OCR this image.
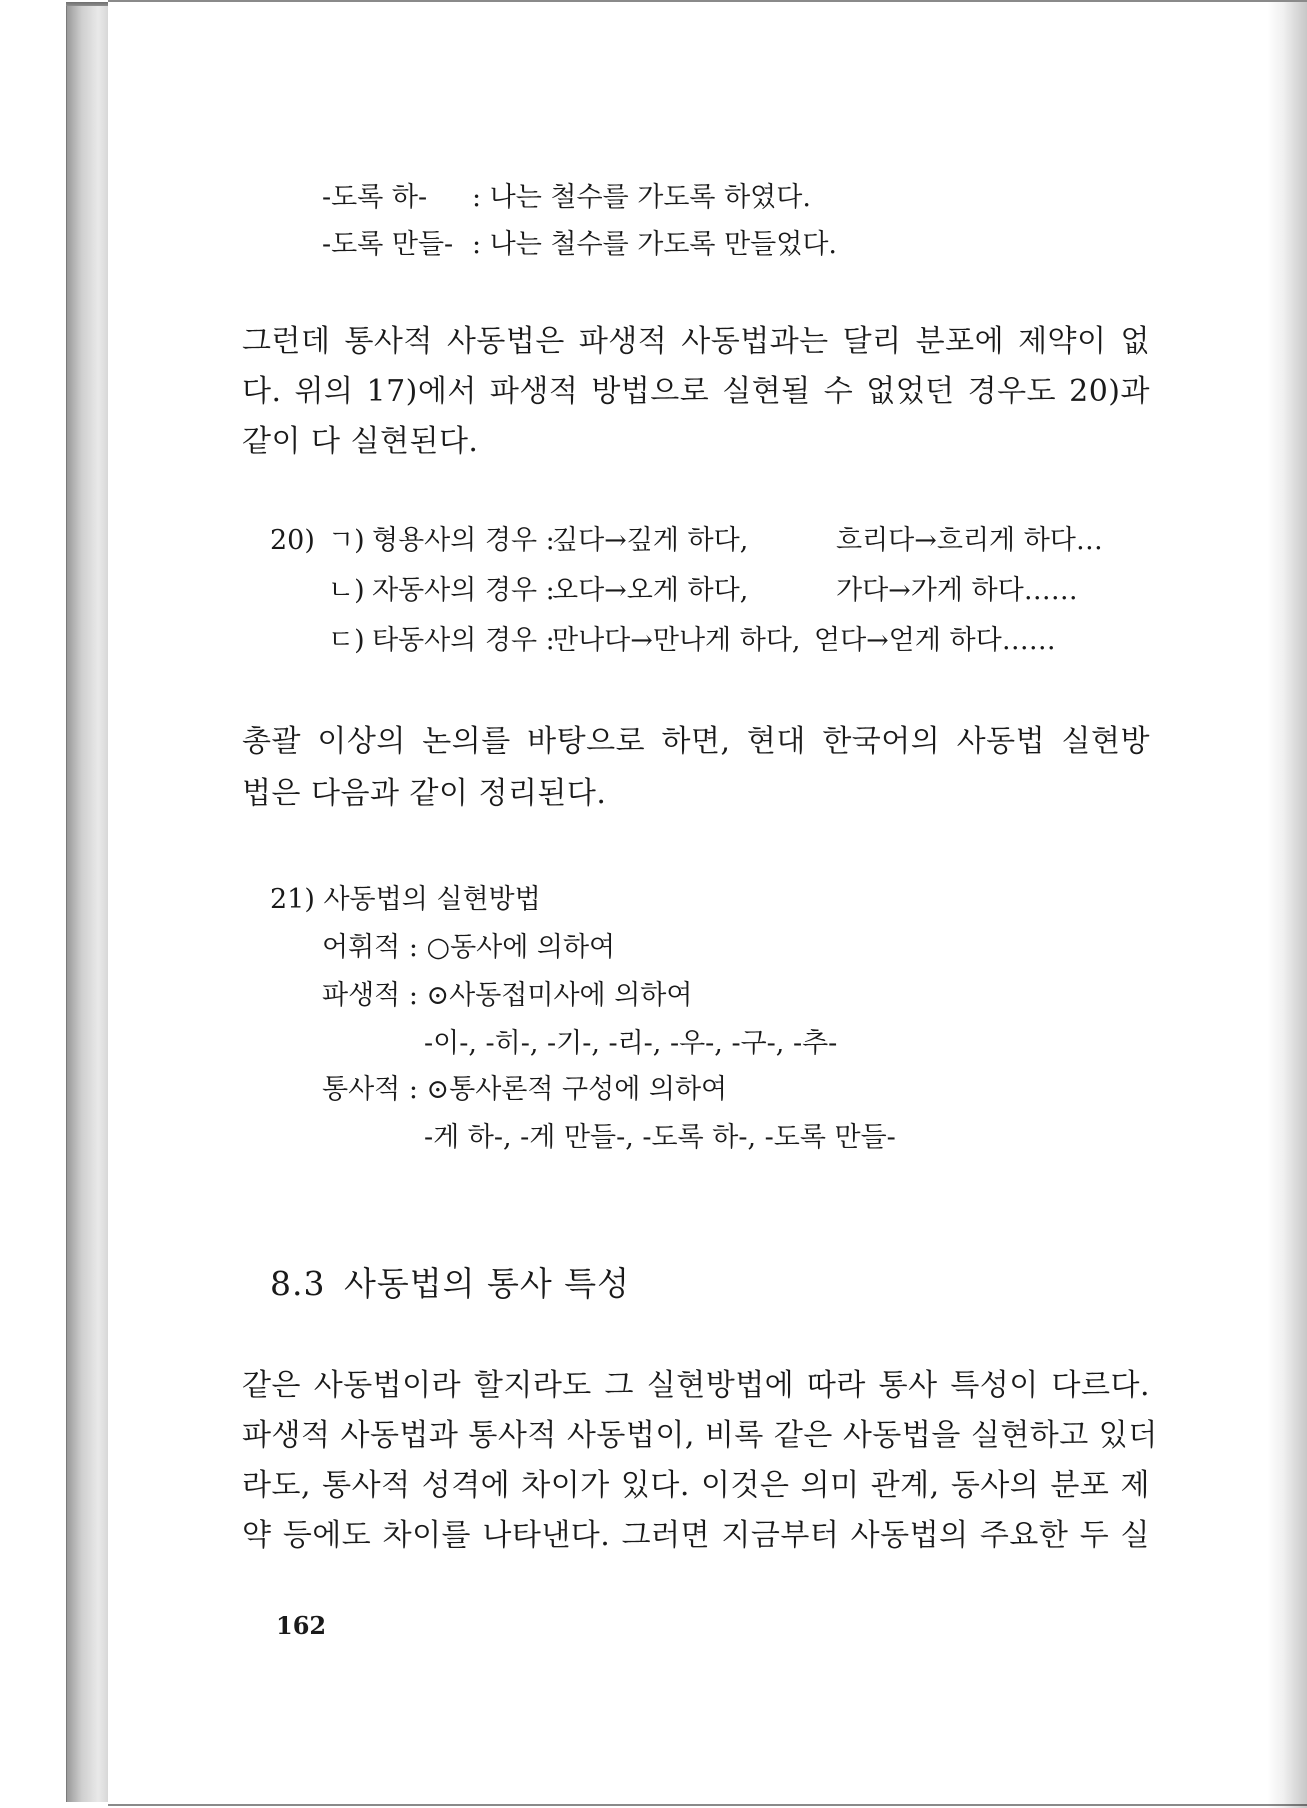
-도록 하- : 나는 철수를 가도록 하였다.
-도록 만들- : 나는 철수를 가도록 만들었다.
그런데 통사적 사동법은 파생적 사동법과는 달리 분포에 제약이 없
다. 위의 17)에서 파생적 방법으로 실현될 수 없었던 경우도 20)과
같이 다 실현된다.
20) ㄱ) 형용사의 경우 :
깊다→깊게 하다,	흐리다→흐리게 하다…
ㄴ) 자동사의 경우 :
오다→오게 하다,	가다→가게 하다……
ㄷ) 타동사의 경우 :
만나다→만나게 하다, 얻다→얻게 하다……
총괄 이상의 논의를 바탕으로 하면, 현대 한국어의 사동법 실현방
법은 다음과 같이 정리된다.
21) 사동법의 실현방법
어휘적 : ○동사에 의하여
파생적 : ⊙사동접미사에 의하여
-이-, -히-, -기-, -리-, -우-, -구-, -추-
통사적 : ⊙통사론적 구성에 의하여
-게 하-, -게 만들-, -도록 하-, -도록 만들-
8.3 사동법의 통사 특성
같은 사동법이라 할지라도 그 실현방법에 따라 통사 특성이 다르다.
파생적 사동법과 통사적 사동법이, 비록 같은 사동법을 실현하고 있더
라도, 통사적 성격에 차이가 있다. 이것은 의미 관계, 동사의 분포 제
약 등에도 차이를 나타낸다. 그러면 지금부터 사동법의 주요한 두 실
162
